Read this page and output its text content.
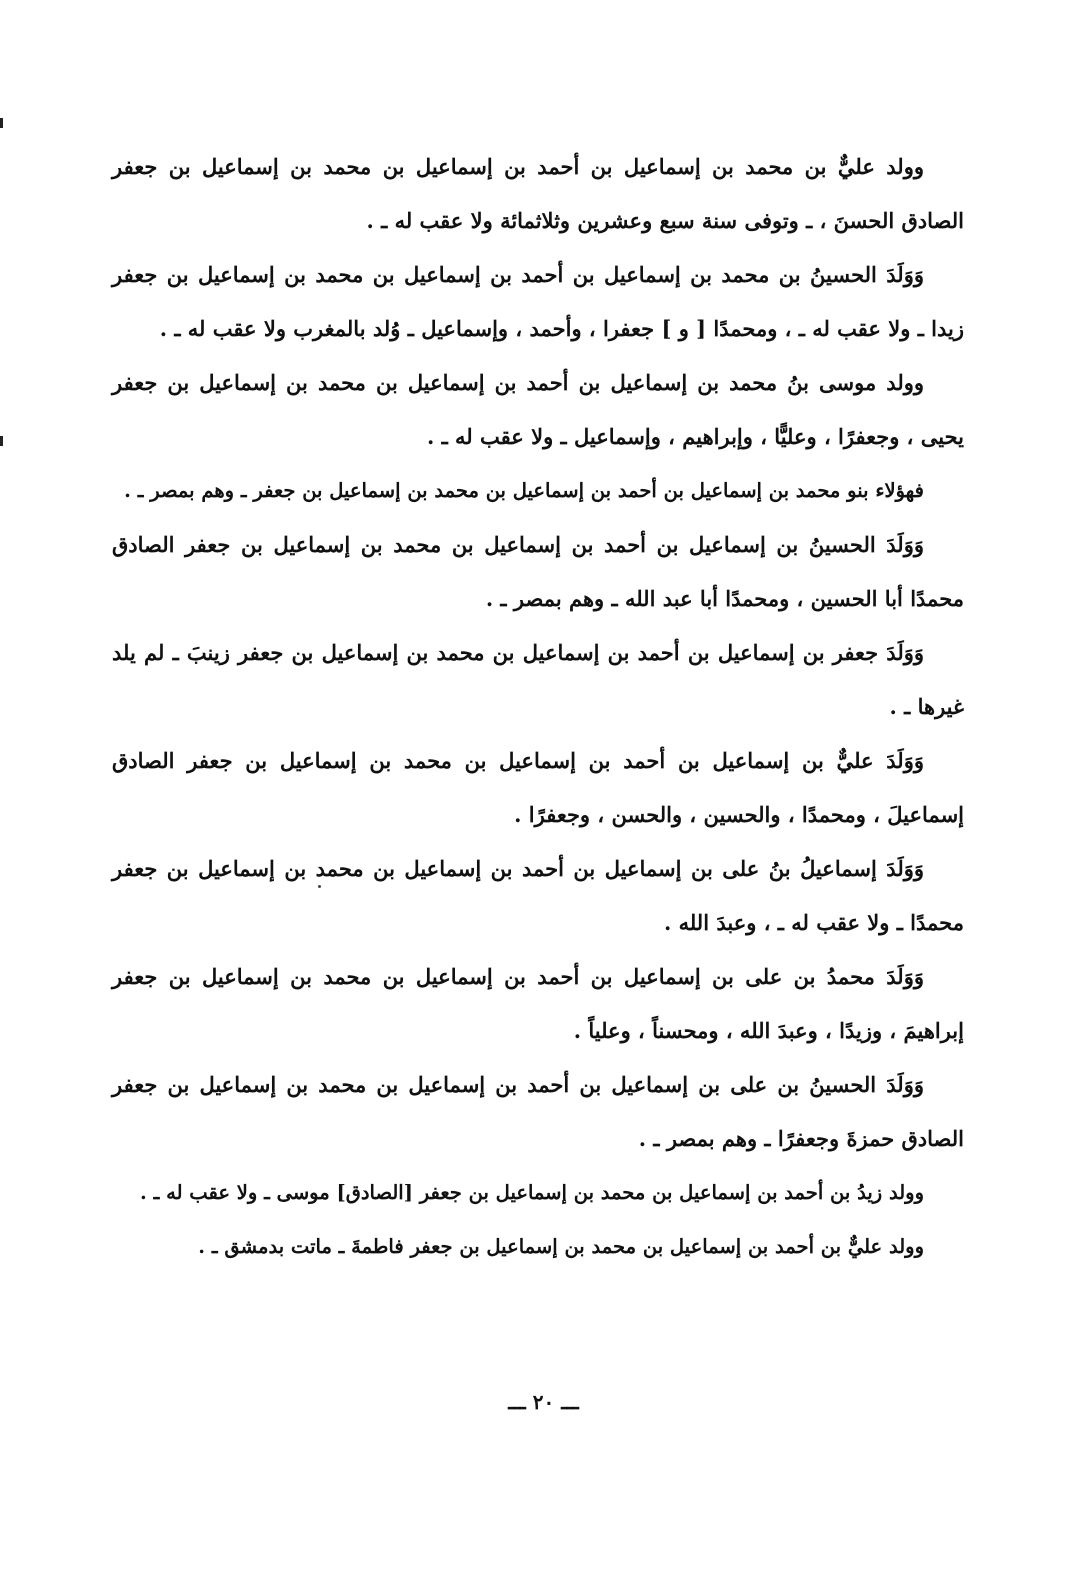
وولد عليٌّ بن محمد بن إسماعيل بن أحمد بن إسماعيل بن محمد بن إسماعيل بن جعفر الصادق الحسنَ ، ـ وتوفى سنة سبع وعشرين وثلاثمائة ولا عقب له ـ .

وَوَلَدَ الحسينُ بن محمد بن إسماعيل بن أحمد بن إسماعيل بن محمد بن إسماعيل بن جعفر زيدا ـ ولا عقب له ـ ، ومحمدًا [ و ] جعفرا ، وأحمد ، وإسماعيل ـ وُلد بالمغرب ولا عقب له ـ .

وولد موسى بنُ محمد بن إسماعيل بن أحمد بن إسماعيل بن محمد بن إسماعيل بن جعفر يحيى ، وجعفرًا ، وعليًّا ، وإبراهيم ، وإسماعيل ـ ولا عقب له ـ .

فهؤلاء بنو محمد بن إسماعيل بن أحمد بن إسماعيل بن محمد بن إسماعيل بن جعفر ـ وهم بمصر ـ .

وَوَلَدَ الحسينُ بن إسماعيل بن أحمد بن إسماعيل بن محمد بن إسماعيل بن جعفر الصادق محمدًا أبا الحسين ، ومحمدًا أبا عبد الله ـ وهم بمصر ـ .

وَوَلَدَ جعفر بن إسماعيل بن أحمد بن إسماعيل بن محمد بن إسماعيل بن جعفر زينبَ ـ لم يلد غيرها ـ .

وَوَلَدَ عليٌّ بن إسماعيل بن أحمد بن إسماعيل بن محمد بن إسماعيل بن جعفر الصادق إسماعيلَ ، ومحمدًا ، والحسين ، والحسن ، وجعفرًا .

وَوَلَدَ إسماعيلُ بنُ على بن إسماعيل بن أحمد بن إسماعيل بن محمد بن إسماعيل بن جعفر محمدًا ـ ولا عقب له ـ ، وعبدَ الله .

وَوَلَدَ محمدُ بن على بن إسماعيل بن أحمد بن إسماعيل بن محمد بن إسماعيل بن جعفر إبراهيمَ ، وزيدًا ، وعبدَ الله ، ومحسناً ، وعلياً .

وَوَلَدَ الحسينُ بن على بن إسماعيل بن أحمد بن إسماعيل بن محمد بن إسماعيل بن جعفر الصادق حمزةَ وجعفرًا ـ وهم بمصر ـ .

وولد زيدُ بن أحمد بن إسماعيل بن محمد بن إسماعيل بن جعفر [الصادق] موسى ـ ولا عقب له ـ .

وولد عليٌّ بن أحمد بن إسماعيل بن محمد بن إسماعيل بن جعفر فاطمةَ ـ ماتت بدمشق ـ .

ـــ ٢٠ ـــ
